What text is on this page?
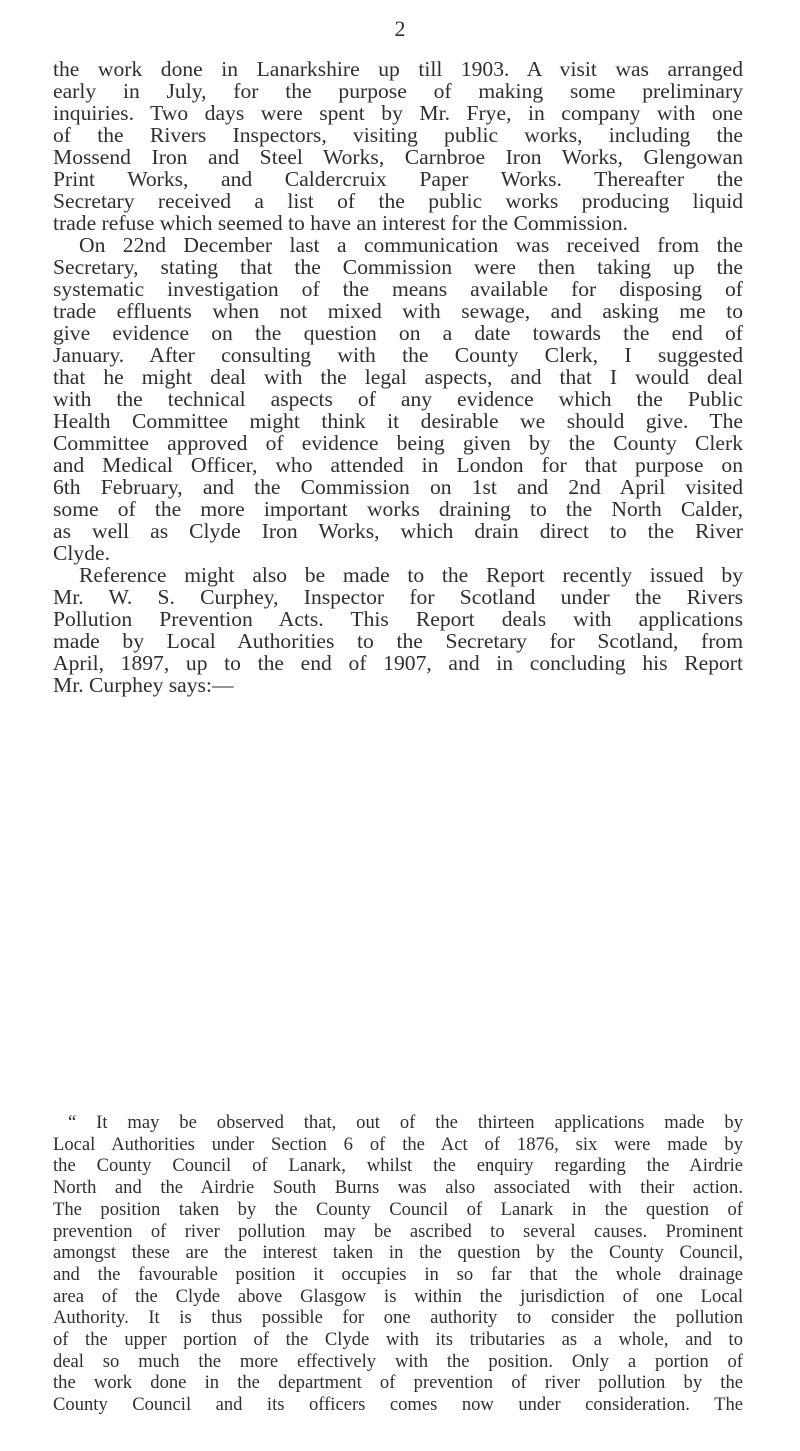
2
the work done in Lanarkshire up till 1903. A visit was arranged
early in July, for the purpose of making some preliminary
inquiries. Two days were spent by Mr. Frye, in company with one
of the Rivers Inspectors, visiting public works, including the
Mossend Iron and Steel Works, Carnbroe Iron Works, Glengowan
Print Works, and Caldercruix Paper Works. Thereafter the
Secretary received a list of the public works producing liquid
trade refuse which seemed to have an interest for the Commission.
On 22nd December last a communication was received from the
Secretary, stating that the Commission were then taking up the
systematic investigation of the means available for disposing of
trade effluents when not mixed with sewage, and asking me to
give evidence on the question on a date towards the end of
January. After consulting with the County Clerk, I suggested
that he might deal with the legal aspects, and that I would deal
with the technical aspects of any evidence which the Public
Health Committee might think it desirable we should give. The
Committee approved of evidence being given by the County Clerk
and Medical Officer, who attended in London for that purpose on
6th February, and the Commission on 1st and 2nd April visited
some of the more important works draining to the North Calder,
as well as Clyde Iron Works, which drain direct to the River
Clyde.
Reference might also be made to the Report recently issued by
Mr. W. S. Curphey, Inspector for Scotland under the Rivers
Pollution Prevention Acts. This Report deals with applications
made by Local Authorities to the Secretary for Scotland, from
April, 1897, up to the end of 1907, and in concluding his Report
Mr. Curphey says:—
“ It may be observed that, out of the thirteen applications made by
Local Authorities under Section 6 of the Act of 1876, six were made by
the County Council of Lanark, whilst the enquiry regarding the Airdrie
North and the Airdrie South Burns was also associated with their action.
The position taken by the County Council of Lanark in the question of
prevention of river pollution may be ascribed to several causes. Prominent
amongst these are the interest taken in the question by the County Council,
and the favourable position it occupies in so far that the whole drainage
area of the Clyde above Glasgow is within the jurisdiction of one Local
Authority. It is thus possible for one authority to consider the pollution
of the upper portion of the Clyde with its tributaries as a whole, and to
deal so much the more effectively with the position. Only a portion of
the work done in the department of prevention of river pollution by the
County Council and its officers comes now under consideration. The
